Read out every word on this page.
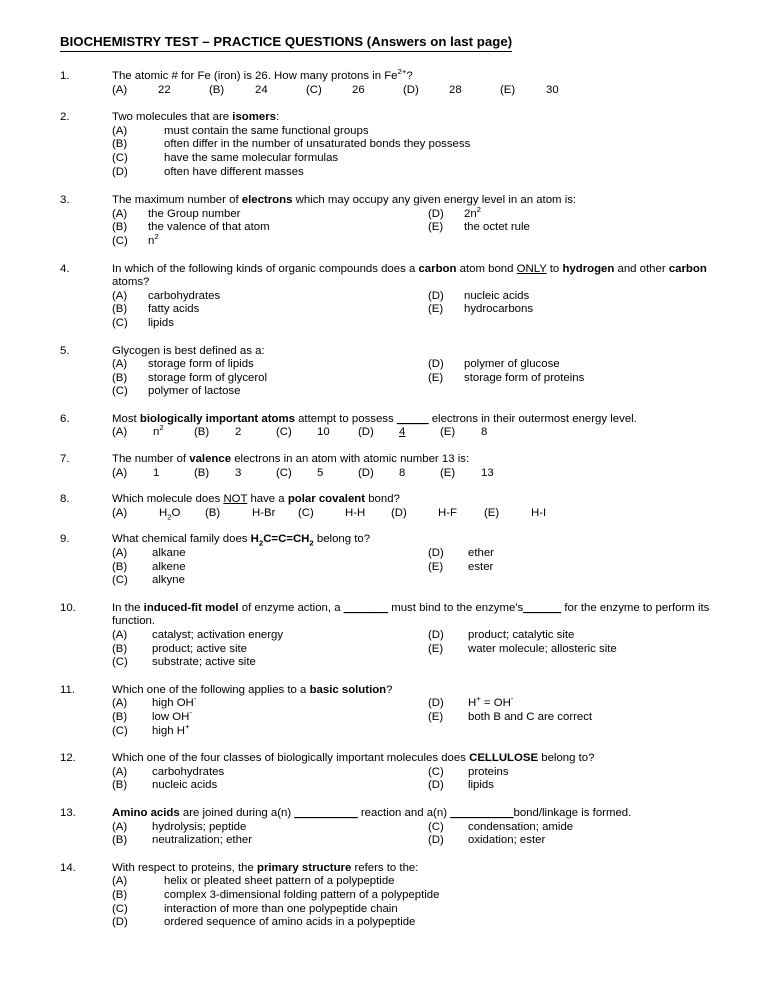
BIOCHEMISTRY TEST – PRACTICE QUESTIONS (Answers on last page)
1.	The atomic # for Fe (iron) is 26. How many protons in $Fe^{2+}$?
(A)	22	(B)	24	(C)	26	(D)	28	(E)	30
2.	Two molecules that are isomers:
(A)	must contain the same functional groups
(B)	often differ in the number of unsaturated bonds they possess
(C)	have the same molecular formulas
(D)	often have different masses
3.	The maximum number of electrons which may occupy any given energy level in an atom is:
(A)	the Group number	(D)	$2n^2$
(B)	the valence of that atom	(E)	the octet rule
(C)	$n^2$
4.	In which of the following kinds of organic compounds does a carbon atom bond ONLY to hydrogen and other carbon atoms?
(A)	carbohydrates	(D)	nucleic acids
(B)	fatty acids	(E)	hydrocarbons
(C)	lipids
5.	Glycogen is best defined as a:
(A)	storage form of lipids	(D)	polymer of glucose
(B)	storage form of glycerol	(E)	storage form of proteins
(C)	polymer of lactose
6.	Most biologically important atoms attempt to possess _____ electrons in their outermost energy level.
(A)	$n^2$	(B)	2	(C)	10 (D)	4	(E)	8
7.	The number of valence electrons in an atom with atomic number 13 is:
(A)	1	(B)	3	(C)	5	(D)	8	(E)	13
8.	Which molecule does NOT have a polar covalent bond?
(A)	$H_2O$ (B)	H-Br (C)	H-H (D)	H-F (E)	H-I
9.	What chemical family does $H_2C=C=CH_2$ belong to?
(A)	alkane	(D)	ether
(B)	alkene	(E)	ester
(C)	alkyne
10.	In the induced-fit model of enzyme action, a _______ must bind to the enzyme's______ for the enzyme to perform its function.
(A)	catalyst; activation energy	(D)	product; catalytic site
(B)	product; active site	(E)	water molecule; allosteric site
(C)	substrate; active site
11.	Which one of the following applies to a basic solution?
(A)	high OH-	(D)	H+ = OH-
(B)	low OH-	(E)	both B and C are correct
(C)	high H+
12.	Which one of the four classes of biologically important molecules does CELLULOSE belong to?
(A)	carbohydrates	(C)	proteins
(B)	nucleic acids	(D)	lipids
13.	Amino acids are joined during a(n) __________ reaction and a(n) __________bond/linkage is formed.
(A)	hydrolysis; peptide	(C)	condensation; amide
(B)	neutralization; ether	(D)	oxidation; ester
14.	With respect to proteins, the primary structure refers to the:
(A)	helix or pleated sheet pattern of a polypeptide
(B)	complex 3-dimensional folding pattern of a polypeptide
(C)	interaction of more than one polypeptide chain
(D)	ordered sequence of amino acids in a polypeptide
